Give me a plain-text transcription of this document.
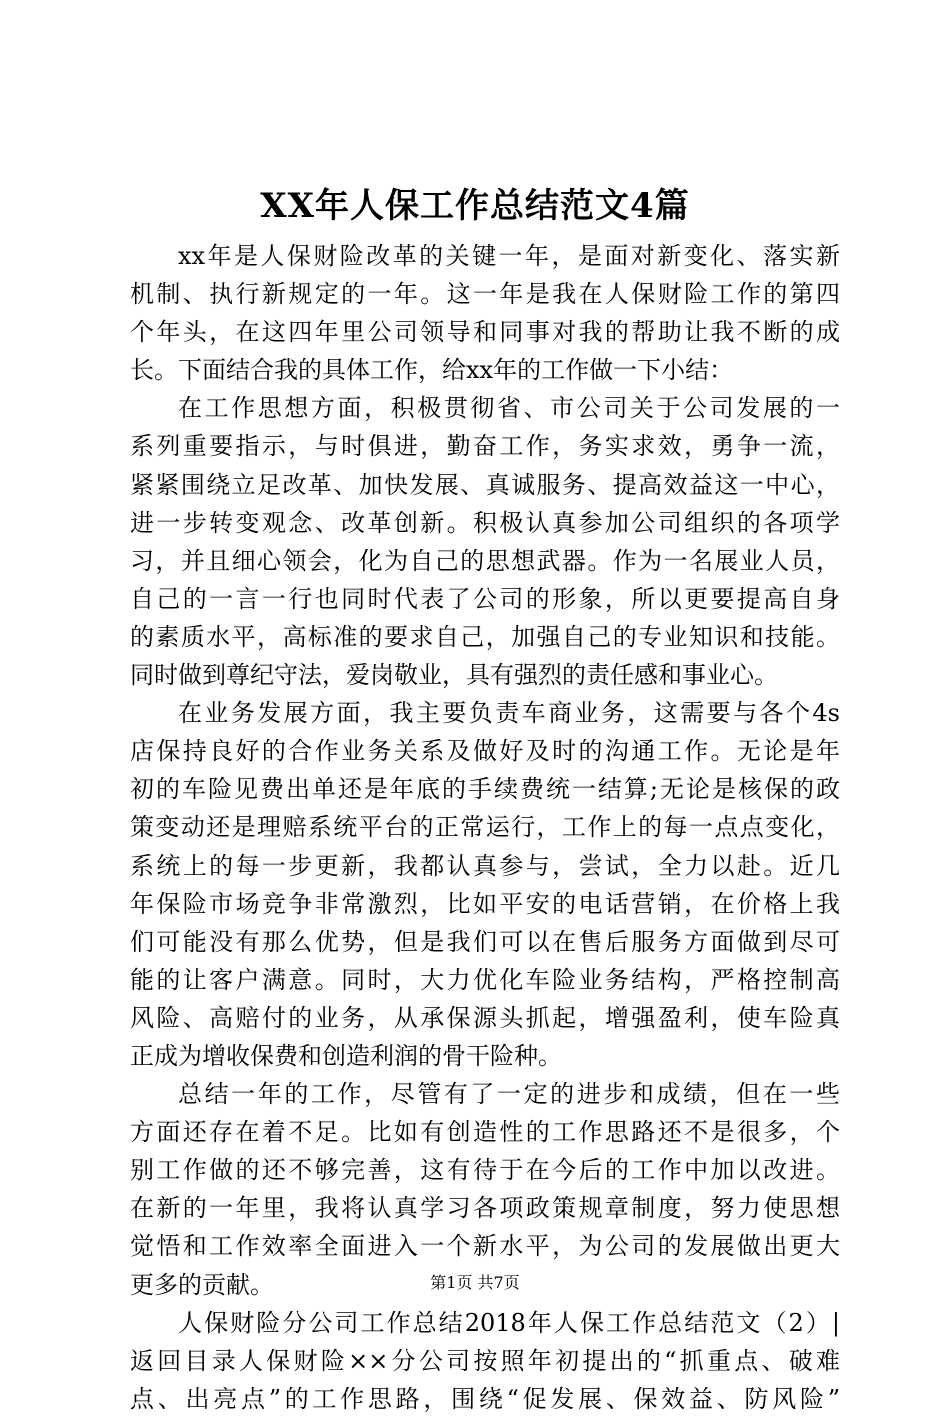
XX年人保工作总结范文4篇
xx年是人保财险改革的关键一年，是面对新变化、落实新
机制、执行新规定的一年。这一年是我在人保财险工作的第四
个年头，在这四年里公司领导和同事对我的帮助让我不断的成
长。下面结合我的具体工作，给xx年的工作做一下小结：
在工作思想方面，积极贯彻省、市公司关于公司发展的一
系列重要指示，与时俱进，勤奋工作，务实求效，勇争一流，
紧紧围绕立足改革、加快发展、真诚服务、提高效益这一中心，
进一步转变观念、改革创新。积极认真参加公司组织的各项学
习，并且细心领会，化为自己的思想武器。作为一名展业人员，
自己的一言一行也同时代表了公司的形象，所以更要提高自身
的素质水平，高标准的要求自己，加强自己的专业知识和技能。
同时做到尊纪守法，爱岗敬业，具有强烈的责任感和事业心。
在业务发展方面，我主要负责车商业务，这需要与各个4s
店保持良好的合作业务关系及做好及时的沟通工作。无论是年
初的车险见费出单还是年底的手续费统一结算;无论是核保的政
策变动还是理赔系统平台的正常运行，工作上的每一点点变化，
系统上的每一步更新，我都认真参与，尝试，全力以赴。近几
年保险市场竞争非常激烈，比如平安的电话营销，在价格上我
们可能没有那么优势，但是我们可以在售后服务方面做到尽可
能的让客户满意。同时，大力优化车险业务结构，严格控制高
风险、高赔付的业务，从承保源头抓起，增强盈利，使车险真
正成为增收保费和创造利润的骨干险种。
总结一年的工作，尽管有了一定的进步和成绩，但在一些
方面还存在着不足。比如有创造性的工作思路还不是很多，个
别工作做的还不够完善，这有待于在今后的工作中加以改进。
在新的一年里，我将认真学习各项政策规章制度，努力使思想
觉悟和工作效率全面进入一个新水平，为公司的发展做出更大
更多的贡献。
人保财险分公司工作总结2018年人保工作总结范文（2）|
返回目录人保财险××分公司按照年初提出的“抓重点、破难
点、出亮点”的工作思路，围绕“促发展、保效益、防风险”
第1页 共7页
